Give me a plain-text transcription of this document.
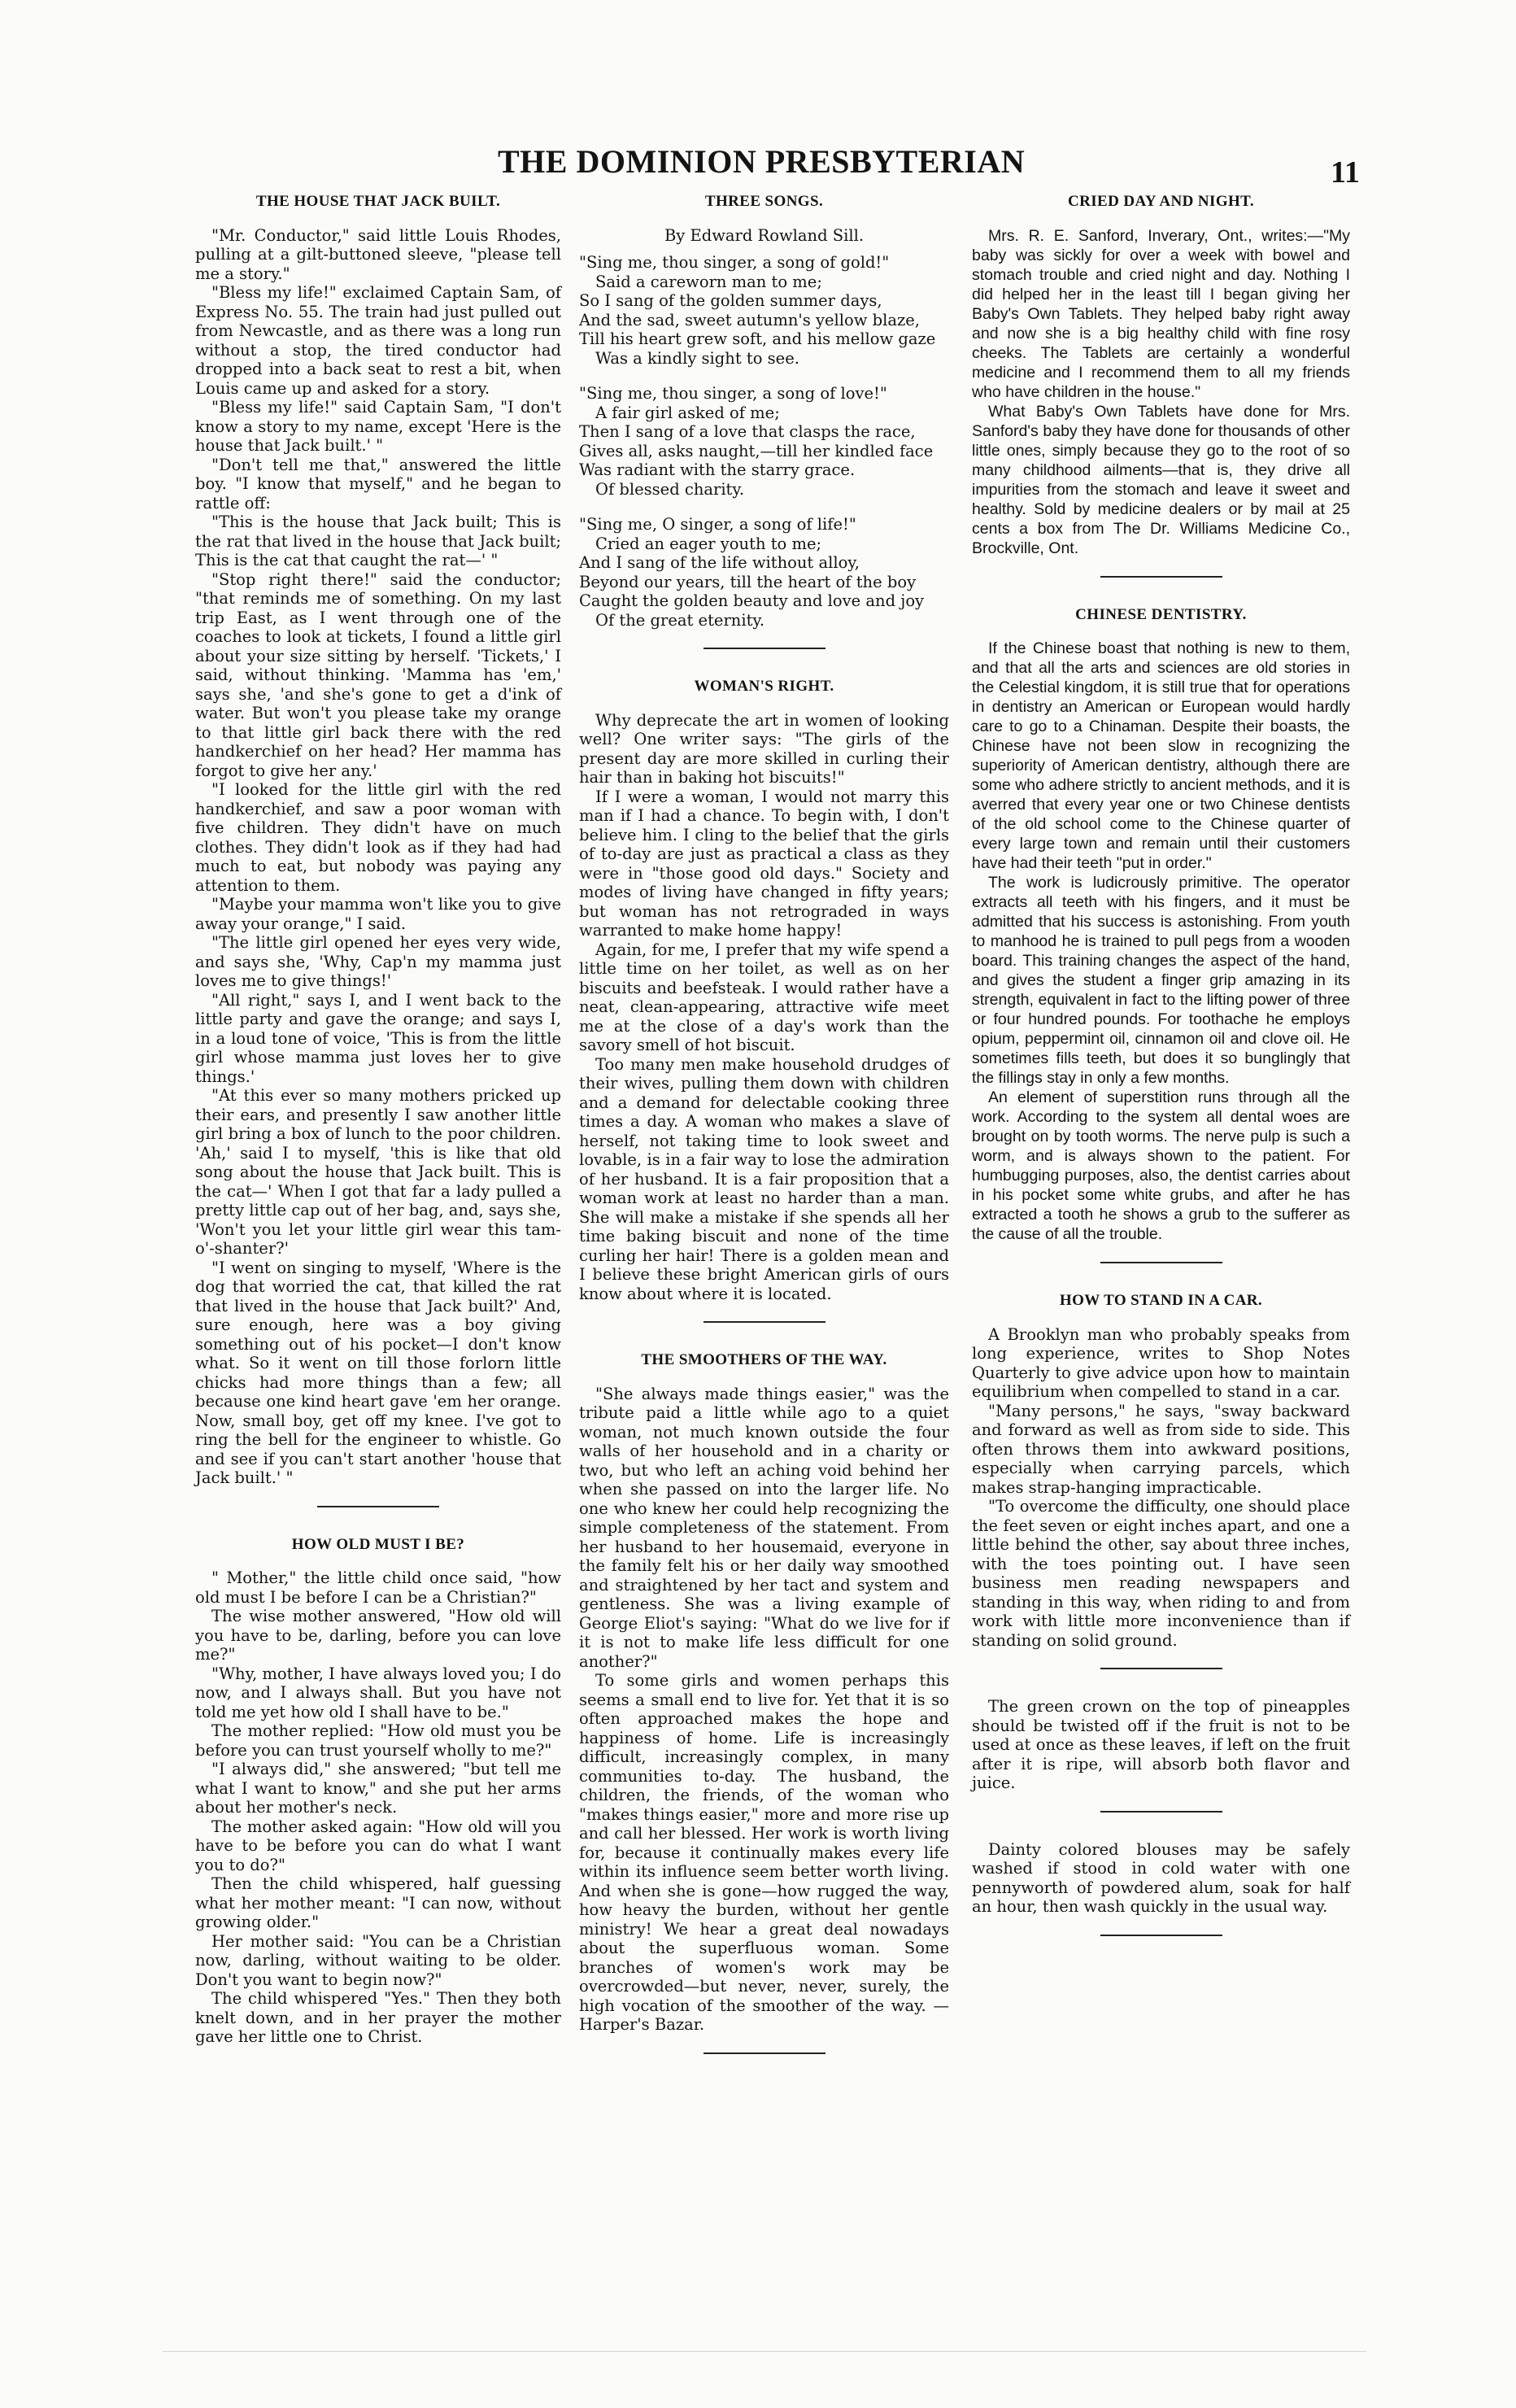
THE DOMINION PRESBYTERIAN	11
THE HOUSE THAT JACK BUILT.

"Mr. Conductor," said little Louis Rhodes, pulling at a gilt-buttoned sleeve, "please tell me a story."

"Bless my life!" exclaimed Captain Sam, of Express No. 55. The train had just pulled out from Newcastle, and as there was a long run without a stop, the tired conductor had dropped into a back seat to rest a bit, when Louis came up and asked for a story.

"Bless my life!" said Captain Sam, "I don't know a story to my name, except 'Here is the house that Jack built.' "

"Don't tell me that," answered the little boy. "I know that myself," and he began to rattle off:

"This is the house that Jack built; This is the rat that lived in the house that Jack built; This is the cat that caught the rat—' "

"Stop right there!" said the conductor; "that reminds me of something. On my last trip East, as I went through one of the coaches to look at tickets, I found a little girl about your size sitting by herself. 'Tickets,' I said, without thinking. 'Mamma has 'em,' says she, 'and she's gone to get a d'ink of water. But won't you please take my orange to that little girl back there with the red handkerchief on her head? Her mamma has forgot to give her any.'

"I looked for the little girl with the red handkerchief, and saw a poor woman with five children. They didn't have on much clothes. They didn't look as if they had had much to eat, but nobody was paying any attention to them.

"Maybe your mamma won't like you to give away your orange," I said.

"The little girl opened her eyes very wide, and says she, 'Why, Cap'n my mamma just loves me to give things!'

"All right," says I, and I went back to the little party and gave the orange; and says I, in a loud tone of voice, 'This is from the little girl whose mamma just loves her to give things.'

"At this ever so many mothers pricked up their ears, and presently I saw another little girl bring a box of lunch to the poor children. 'Ah,' said I to myself, 'this is like that old song about the house that Jack built. This is the cat—' When I got that far a lady pulled a pretty little cap out of her bag, and, says she, 'Won't you let your little girl wear this tam-o'-shanter?'

"I went on singing to myself, 'Where is the dog that worried the cat, that killed the rat that lived in the house that Jack built?' And, sure enough, here was a boy giving something out of his pocket—I don't know what. So it went on till those forlorn little chicks had more things than a few; all because one kind heart gave 'em her orange. Now, small boy, get off my knee. I've got to ring the bell for the engineer to whistle. Go and see if you can't start another 'house that Jack built.' "

HOW OLD MUST I BE?

" Mother," the little child once said, "how old must I be before I can be a Christian?"

The wise mother answered, "How old will you have to be, darling, before you can love me?"

"Why, mother, I have always loved you; I do now, and I always shall. But you have not told me yet how old I shall have to be."

The mother replied: "How old must you be before you can trust yourself wholly to me?"

"I always did," she answered; "but tell me what I want to know," and she put her arms about her mother's neck.

The mother asked again: "How old will you have to be before you can do what I want you to do?"

Then the child whispered, half guessing what her mother meant: "I can now, without growing older."

Her mother said: "You can be a Christian now, darling, without waiting to be older. Don't you want to begin now?"

The child whispered "Yes." Then they both knelt down, and in her prayer the mother gave her little one to Christ.

THREE SONGS.
By Edward Rowland Sill.

"Sing me, thou singer, a song of gold!"

Said a careworn man to me;

So I sang of the golden summer days,

And the sad, sweet autumn's yellow blaze,

Till his heart grew soft, and his mellow gaze

Was a kindly sight to see.

"Sing me, thou singer, a song of love!"

A fair girl asked of me;

Then I sang of a love that clasps the race,

Gives all, asks naught,—till her kindled face

Was radiant with the starry grace.

Of blessed charity.

"Sing me, O singer, a song of life!"

Cried an eager youth to me;

And I sang of the life without alloy,

Beyond our years, till the heart of the boy

Caught the golden beauty and love and joy

Of the great eternity.

WOMAN'S RIGHT.

Why deprecate the art in women of looking well? One writer says: "The girls of the present day are more skilled in curling their hair than in baking hot biscuits!"

If I were a woman, I would not marry this man if I had a chance. To begin with, I don't believe him. I cling to the belief that the girls of to-day are just as practical a class as they were in "those good old days." Society and modes of living have changed in fifty years; but woman has not retrograded in ways warranted to make home happy!

Again, for me, I prefer that my wife spend a little time on her toilet, as well as on her biscuits and beefsteak. I would rather have a neat, clean-appearing, attractive wife meet me at the close of a day's work than the savory smell of hot biscuit.

Too many men make household drudges of their wives, pulling them down with children and a demand for delectable cooking three times a day. A woman who makes a slave of herself, not taking time to look sweet and lovable, is in a fair way to lose the admiration of her husband. It is a fair proposition that a woman work at least no harder than a man. She will make a mistake if she spends all her time baking biscuit and none of the time curling her hair! There is a golden mean and I believe these bright American girls of ours know about where it is located.

THE SMOOTHERS OF THE WAY.

"She always made things easier," was the tribute paid a little while ago to a quiet woman, not much known outside the four walls of her household and in a charity or two, but who left an aching void behind her when she passed on into the larger life. No one who knew her could help recognizing the simple completeness of the statement. From her husband to her housemaid, everyone in the family felt his or her daily way smoothed and straightened by her tact and system and gentleness. She was a living example of George Eliot's saying: "What do we live for if it is not to make life less difficult for one another?"

To some girls and women perhaps this seems a small end to live for. Yet that it is so often approached makes the hope and happiness of home. Life is increasingly difficult, increasingly complex, in many communities to-day. The husband, the children, the friends, of the woman who "makes things easier," more and more rise up and call her blessed. Her work is worth living for, because it continually makes every life within its influence seem better worth living. And when she is gone—how rugged the way, how heavy the burden, without her gentle ministry! We hear a great deal nowadays about the superfluous woman. Some branches of women's work may be overcrowded—but never, never, surely, the high vocation of the smoother of the way. — Harper's Bazar.

CRIED DAY AND NIGHT.

Mrs. R. E. Sanford, Inverary, Ont., writes:—"My baby was sickly for over a week with bowel and stomach trouble and cried night and day. Nothing I did helped her in the least till I began giving her Baby's Own Tablets. They helped baby right away and now she is a big healthy child with fine rosy cheeks. The Tablets are certainly a wonderful medicine and I recommend them to all my friends who have children in the house."

What Baby's Own Tablets have done for Mrs. Sanford's baby they have done for thousands of other little ones, simply because they go to the root of so many childhood ailments—that is, they drive all impurities from the stomach and leave it sweet and healthy. Sold by medicine dealers or by mail at 25 cents a box from The Dr. Williams Medicine Co., Brockville, Ont.

CHINESE DENTISTRY.

If the Chinese boast that nothing is new to them, and that all the arts and sciences are old stories in the Celestial kingdom, it is still true that for operations in dentistry an American or European would hardly care to go to a Chinaman. Despite their boasts, the Chinese have not been slow in recognizing the superiority of American dentistry, although there are some who adhere strictly to ancient methods, and it is averred that every year one or two Chinese dentists of the old school come to the Chinese quarter of every large town and remain until their customers have had their teeth "put in order."

The work is ludicrously primitive. The operator extracts all teeth with his fingers, and it must be admitted that his success is astonishing. From youth to manhood he is trained to pull pegs from a wooden board. This training changes the aspect of the hand, and gives the student a finger grip amazing in its strength, equivalent in fact to the lifting power of three or four hundred pounds. For toothache he employs opium, peppermint oil, cinnamon oil and clove oil. He sometimes fills teeth, but does it so bunglingly that the fillings stay in only a few months.

An element of superstition runs through all the work. According to the system all dental woes are brought on by tooth worms. The nerve pulp is such a worm, and is always shown to the patient. For humbugging purposes, also, the dentist carries about in his pocket some white grubs, and after he has extracted a tooth he shows a grub to the sufferer as the cause of all the trouble.

HOW TO STAND IN A CAR.

A Brooklyn man who probably speaks from long experience, writes to Shop Notes Quarterly to give advice upon how to maintain equilibrium when compelled to stand in a car.

"Many persons," he says, "sway backward and forward as well as from side to side. This often throws them into awkward positions, especially when carrying parcels, which makes strap-hanging impracticable.

"To overcome the difficulty, one should place the feet seven or eight inches apart, and one a little behind the other, say about three inches, with the toes pointing out. I have seen business men reading newspapers and standing in this way, when riding to and from work with little more inconvenience than if standing on solid ground.

The green crown on the top of pineapples should be twisted off if the fruit is not to be used at once as these leaves, if left on the fruit after it is ripe, will absorb both flavor and juice.

Dainty colored blouses may be safely washed if stood in cold water with one pennyworth of powdered alum, soak for half an hour, then wash quickly in the usual way.
